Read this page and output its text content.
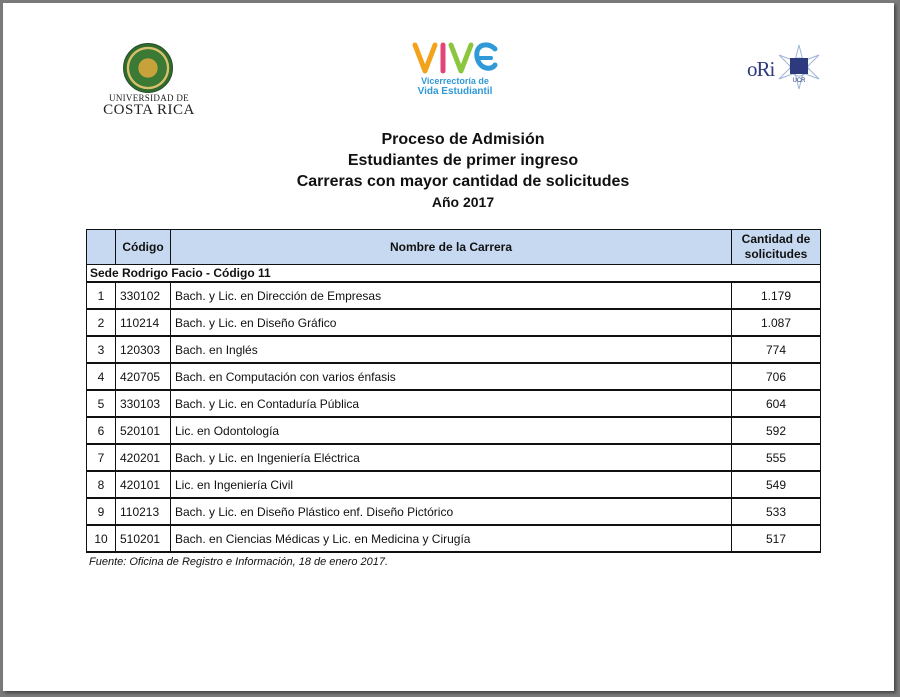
UNIVERSIDAD DE
COSTA RICA
Vicerrectoría de
Vida Estudiantil
UCR
oRi
Proceso de Admisión
Estudiantes de primer ingreso
Carreras con mayor cantidad de solicitudes
Año 2017
	Código	Nombre de la Carrera	Cantidad de
solicitudes
Sede Rodrigo Facio - Código 11			
1	330102	Bach. y Lic. en Dirección de Empresas	1.179
2	110214	Bach. y Lic. en Diseño Gráfico	1.087
3	120303	Bach. en Inglés	774
4	420705	Bach. en Computación con varios énfasis	706
5	330103	Bach. y Lic. en Contaduría Pública	604
6	520101	Lic. en Odontología	592
7	420201	Bach. y Lic. en Ingeniería Eléctrica	555
8	420101	Lic. en Ingeniería Civil	549
9	110213	Bach. y Lic. en Diseño Plástico enf. Diseño Pictórico	533
10	510201	Bach. en Ciencias Médicas y Lic. en Medicina y Cirugía	517
Fuente: Oficina de Registro e Información, 18 de enero 2017.
